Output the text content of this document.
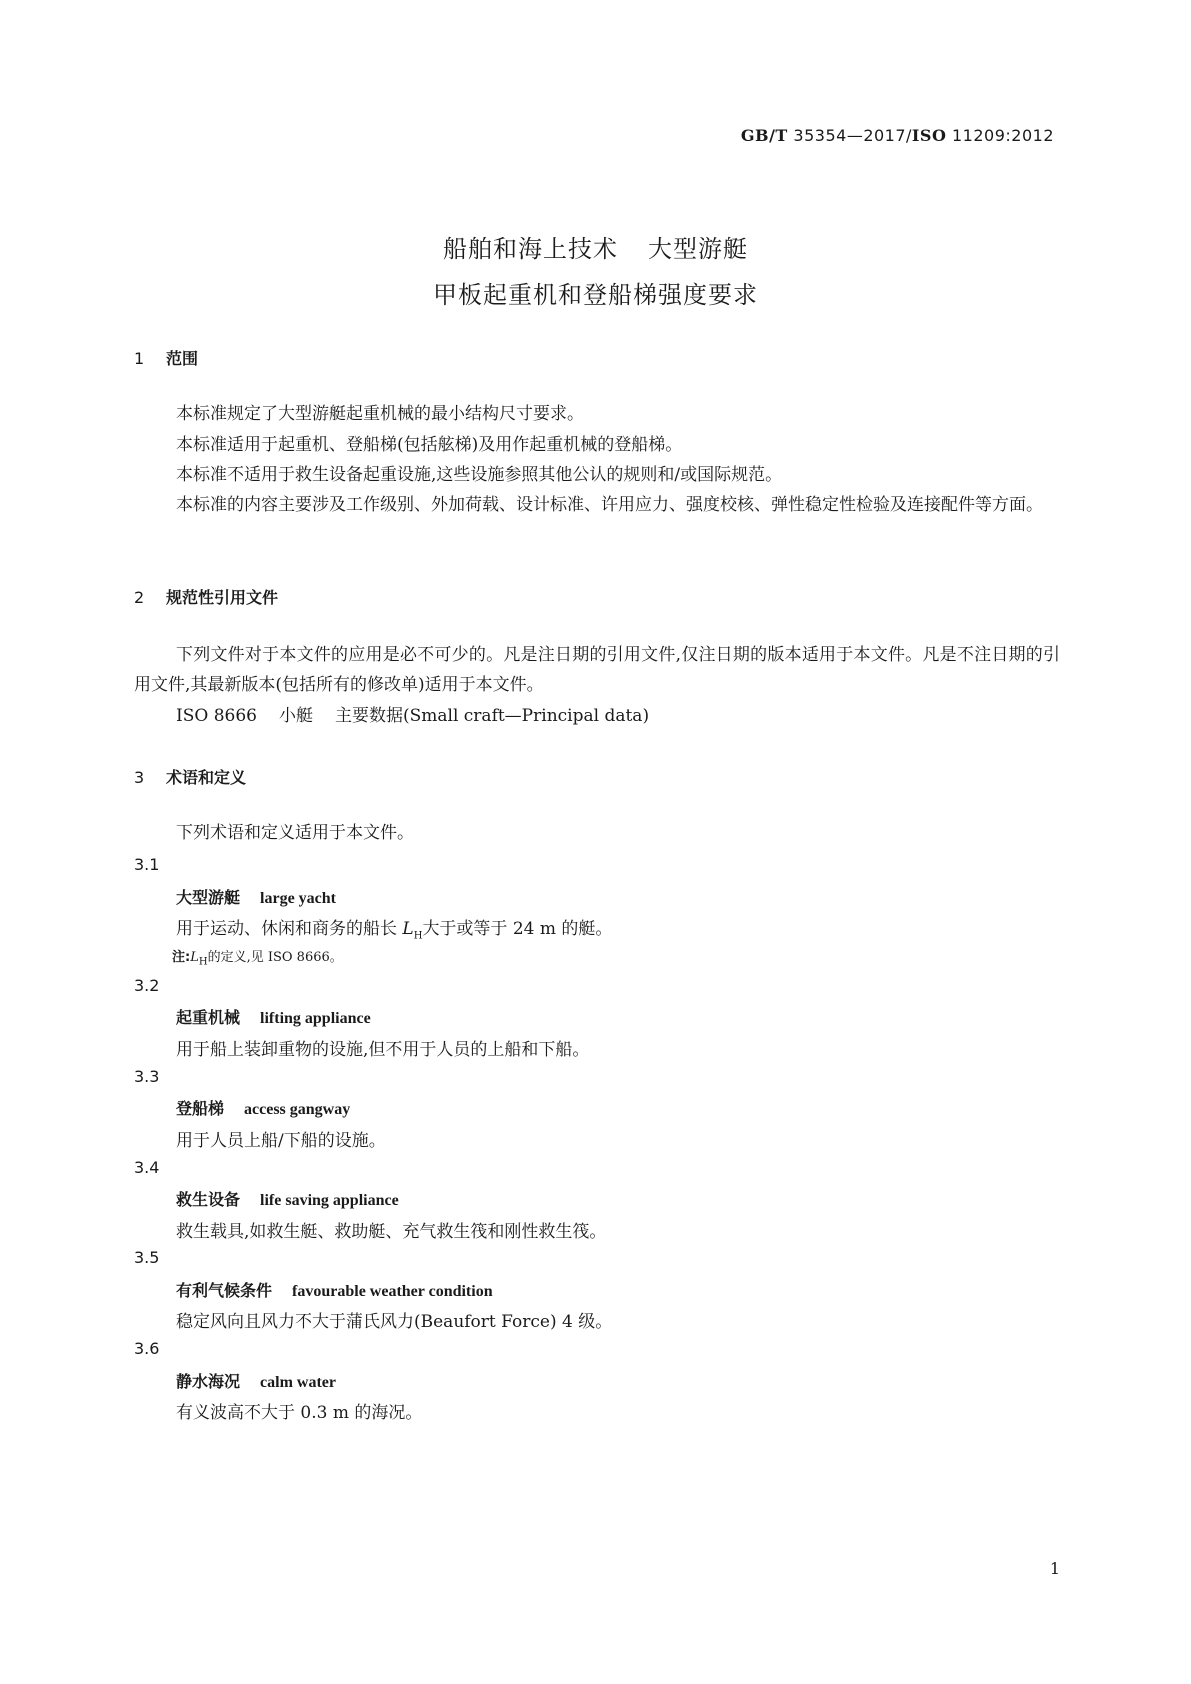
GB/T 35354—2017/ISO 11209:2012
船舶和海上技术 大型游艇
甲板起重机和登船梯强度要求
1 范围
本标准规定了大型游艇起重机械的最小结构尺寸要求。
本标准适用于起重机、登船梯(包括舷梯)及用作起重机械的登船梯。
本标准不适用于救生设备起重设施,这些设施参照其他公认的规则和/或国际规范。
本标准的内容主要涉及工作级别、外加荷载、设计标准、许用应力、强度校核、弹性稳定性检验及连接配件等方面。
2 规范性引用文件
下列文件对于本文件的应用是必不可少的。凡是注日期的引用文件,仅注日期的版本适用于本文件。凡是不注日期的引用文件,其最新版本(包括所有的修改单)适用于本文件。
ISO 8666 小艇 主要数据(Small craft—Principal data)
3 术语和定义
下列术语和定义适用于本文件。
3.1
大型游艇 large yacht
用于运动、休闲和商务的船长 $L_H$大于或等于 24 m 的艇。
注$:L_H$的定义,见 ISO 8666。
3.2
起重机械 lifting appliance
用于船上装卸重物的设施,但不用于人员的上船和下船。
3.3
登船梯 access gangway
用于人员上船/下船的设施。
3.4
救生设备 life saving appliance
救生载具,如救生艇、救助艇、充气救生筏和刚性救生筏。
3.5
有利气候条件 favourable weather condition
稳定风向且风力不大于蒲氏风力(Beaufort Force) 4 级。
3.6
静水海况 calm water
有义波高不大于 0.3 m 的海况。
1
